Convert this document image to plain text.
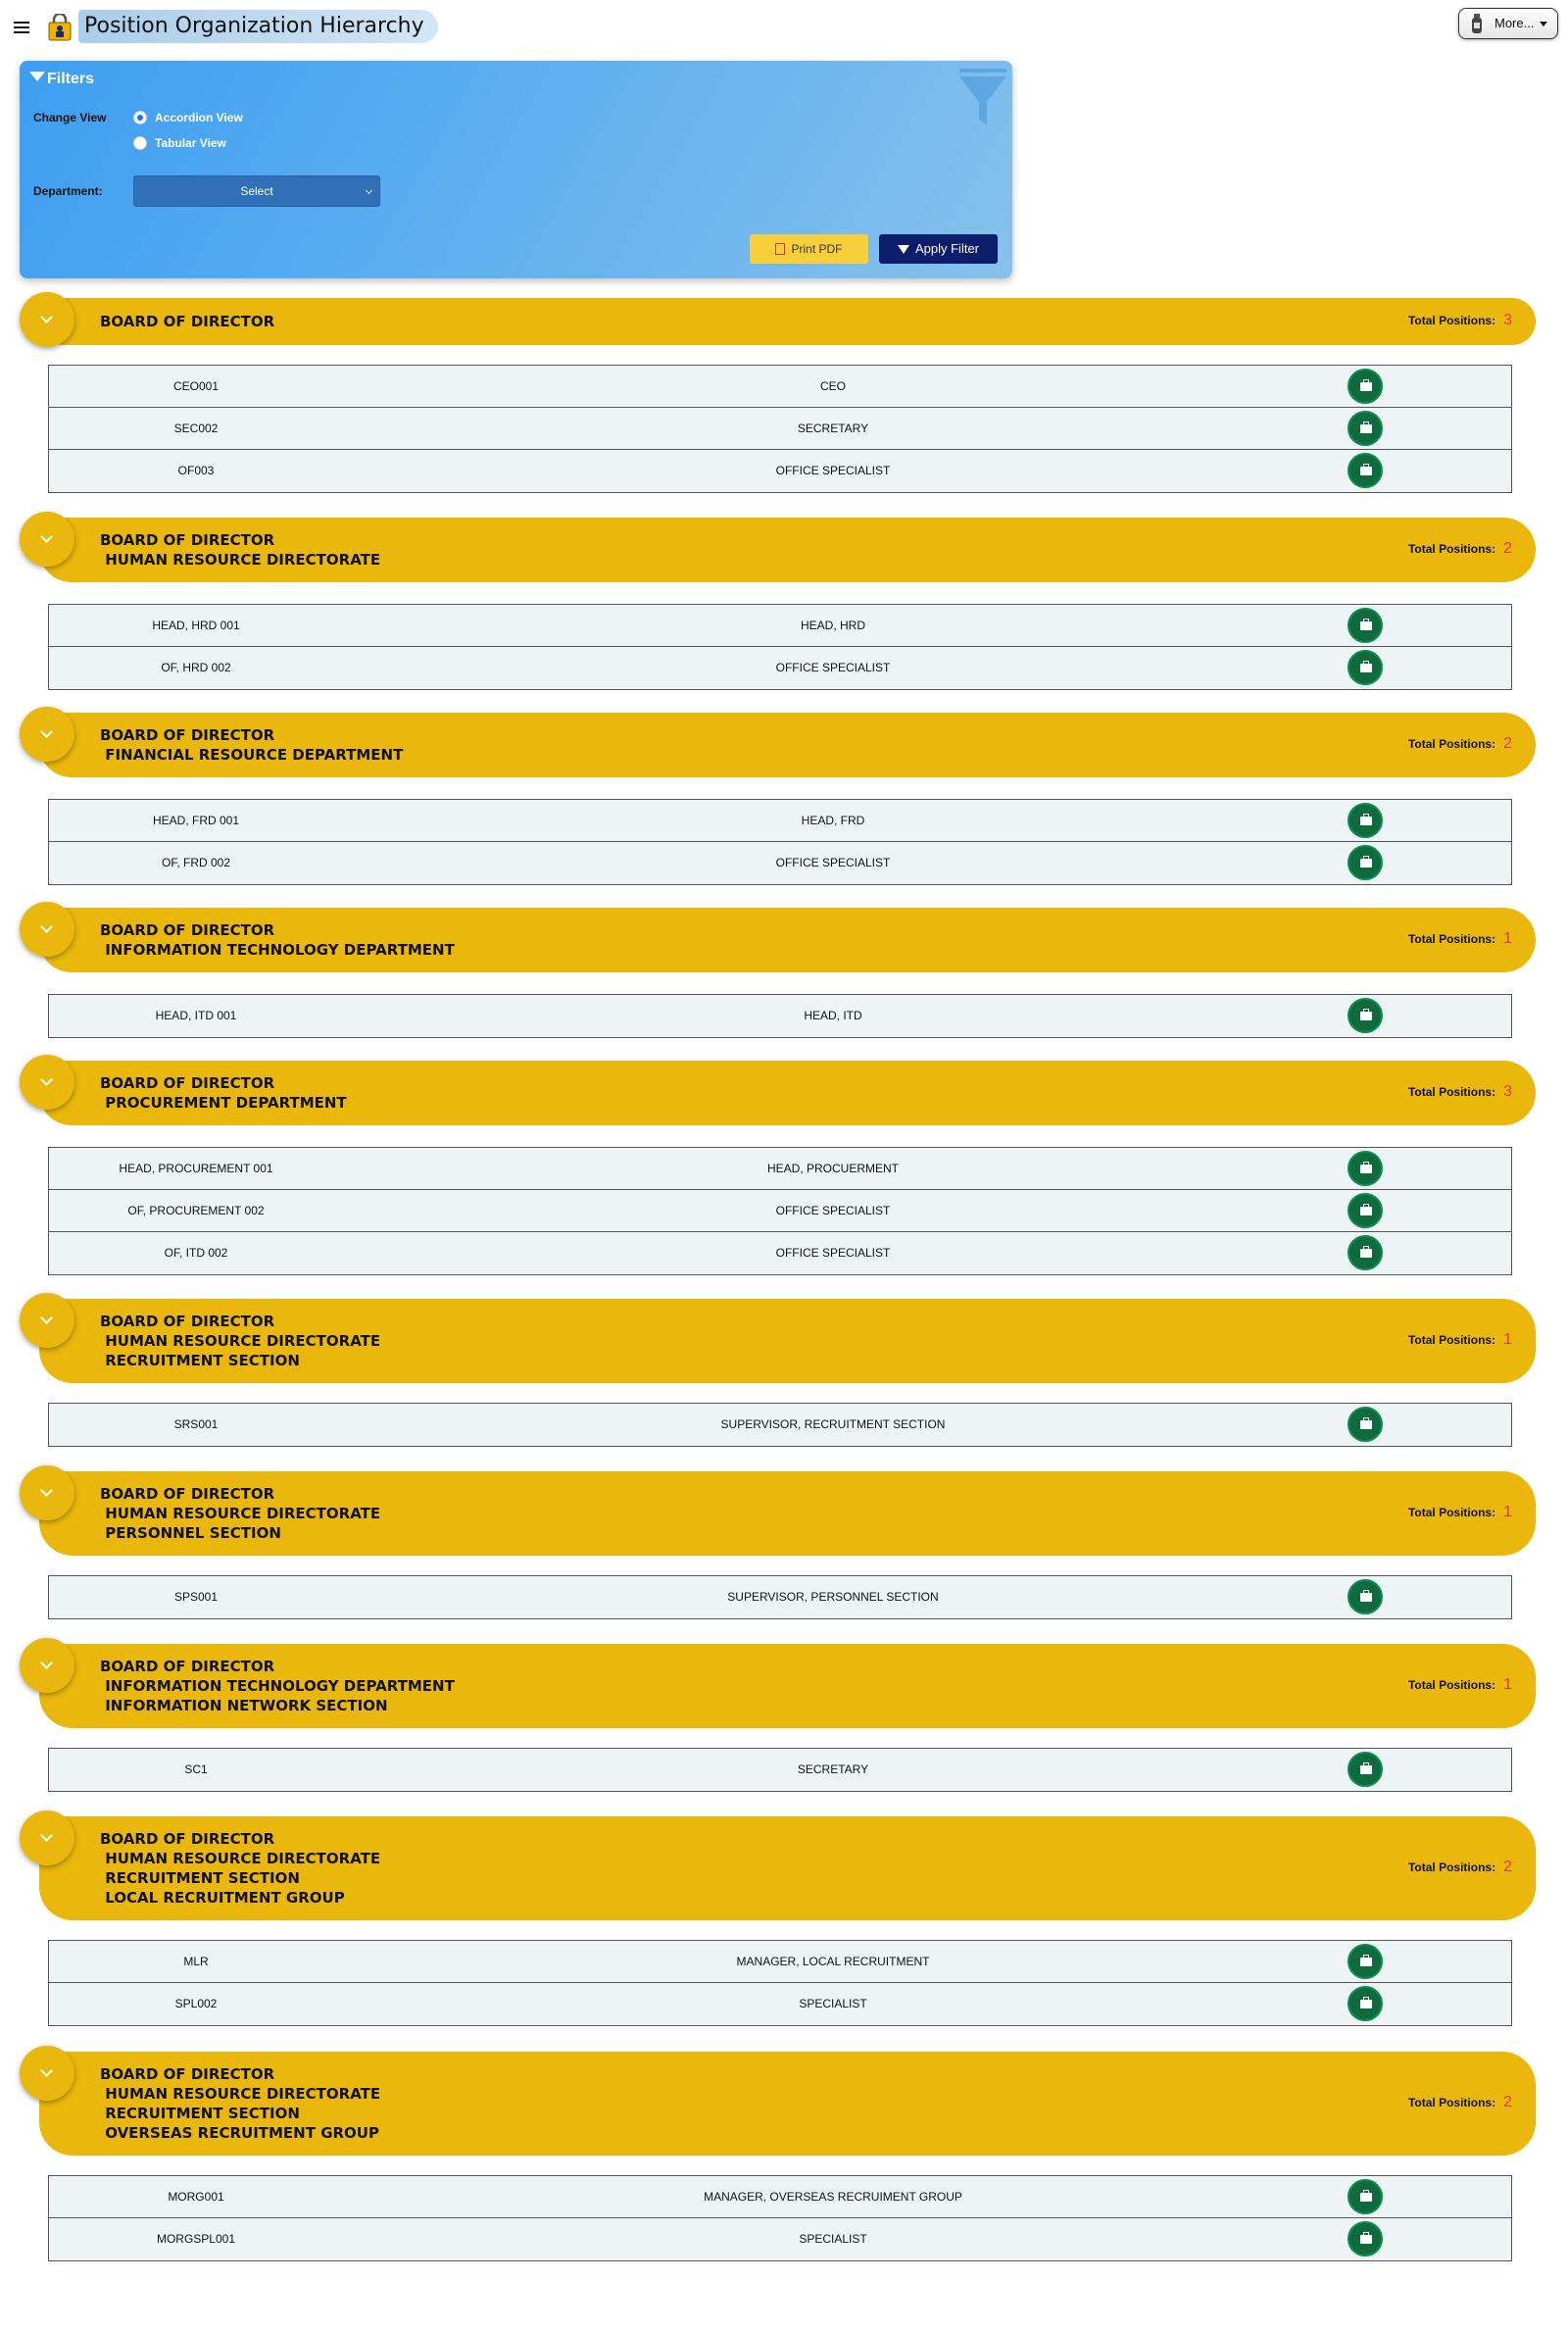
Position Organization Hierarchy	More...
Filters
Change View	Accordion View
Tabular View
Department:	Select
Print PDF	Apply Filter
BOARD OF DIRECTOR	Total Positions: 3
CEO001	CEO
SEC002	SECRETARY
OF003	OFFICE SPECIALIST
BOARD OF DIRECTOR
HUMAN RESOURCE DIRECTORATE
Total Positions: 2
HEAD, HRD 001	HEAD, HRD
OF, HRD 002	OFFICE SPECIALIST
BOARD OF DIRECTOR
FINANCIAL RESOURCE DEPARTMENT
Total Positions: 2
HEAD, FRD 001	HEAD, FRD
OF, FRD 002	OFFICE SPECIALIST
BOARD OF DIRECTOR
INFORMATION TECHNOLOGY DEPARTMENT
Total Positions: 1
HEAD, ITD 001	HEAD, ITD
BOARD OF DIRECTOR
PROCUREMENT DEPARTMENT
Total Positions: 3
HEAD, PROCUREMENT 001	HEAD, PROCUERMENT
OF, PROCUREMENT 002	OFFICE SPECIALIST
OF, ITD 002	OFFICE SPECIALIST
BOARD OF DIRECTOR
HUMAN RESOURCE DIRECTORATE
RECRUITMENT SECTION
Total Positions: 1
SRS001	SUPERVISOR, RECRUITMENT SECTION
BOARD OF DIRECTOR
HUMAN RESOURCE DIRECTORATE
PERSONNEL SECTION
Total Positions: 1
SPS001	SUPERVISOR, PERSONNEL SECTION
BOARD OF DIRECTOR
INFORMATION TECHNOLOGY DEPARTMENT
INFORMATION NETWORK SECTION
Total Positions: 1
SC1	SECRETARY
BOARD OF DIRECTOR
HUMAN RESOURCE DIRECTORATE
RECRUITMENT SECTION
LOCAL RECRUITMENT GROUP
Total Positions: 2
MLR	MANAGER, LOCAL RECRUITMENT
SPL002	SPECIALIST
BOARD OF DIRECTOR
HUMAN RESOURCE DIRECTORATE
RECRUITMENT SECTION
OVERSEAS RECRUITMENT GROUP
Total Positions: 2
MORG001	MANAGER, OVERSEAS RECRUIMENT GROUP
MORGSPL001	SPECIALIST
